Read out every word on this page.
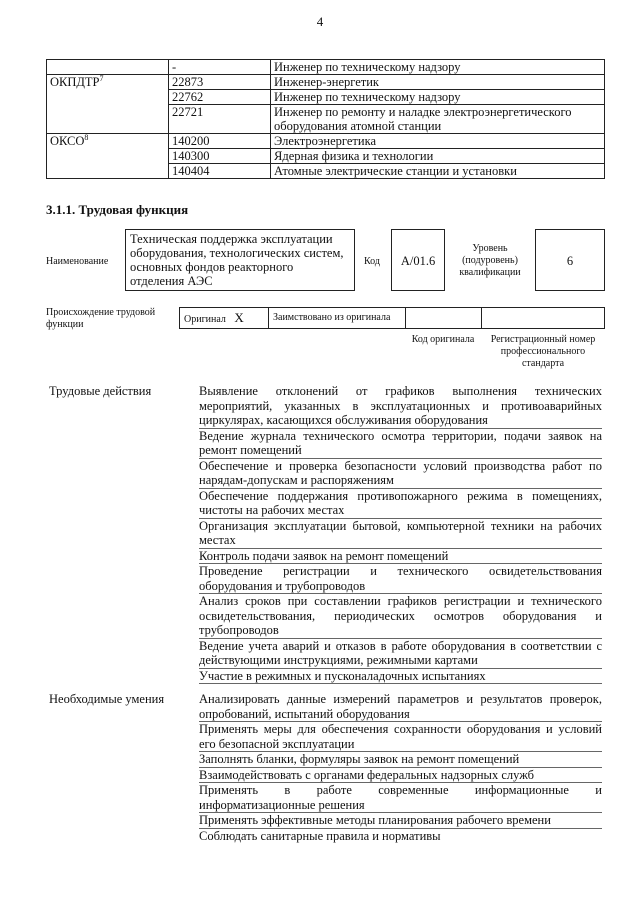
4
	-	Инженер по техническому надзору
ОКПДТР$^7$	22873	Инженер-энергетик
	22762	Инженер по техническому надзору
	22721	Инженер по ремонту и наладке электроэнергетического оборудования атомной станции
ОКСО$^8$	140200	Электроэнергетика
	140300	Ядерная физика и технологии
	140404	Атомные электрические станции и установки
3.1.1. Трудовая функция
Наименование
Техническая поддержка эксплуатации оборудования, технологических систем, основных фондов реакторного отделения АЭС
Код	А/01.6
Уровень (подуровень) квалификации
6
Происхождение трудовой функции	Оригинал X	Заимствовано из оригинала
Код оригинала	Регистрационный номер профессионального стандарта
Трудовые действия	Выявление отклонений от графиков выполнения технических мероприятий, указанных в эксплуатационных и противоаварийных циркулярах, касающихся обслуживания оборудования
Ведение журнала технического осмотра территории, подачи заявок на ремонт помещений
Обеспечение и проверка безопасности условий производства работ по нарядам-допускам и распоряжениям
Обеспечение поддержания противопожарного режима в помещениях, чистоты на рабочих местах
Организация эксплуатации бытовой, компьютерной техники на рабочих местах
Контроль подачи заявок на ремонт помещений
Проведение регистрации и технического освидетельствования оборудования и трубопроводов
Анализ сроков при составлении графиков регистрации и технического освидетельствования, периодических осмотров оборудования и трубопроводов
Ведение учета аварий и отказов в работе оборудования в соответствии с действующими инструкциями, режимными картами
Участие в режимных и пусконаладочных испытаниях
Необходимые умения	Анализировать данные измерений параметров и результатов проверок, опробований, испытаний оборудования
Применять меры для обеспечения сохранности оборудования и условий его безопасной эксплуатации
Заполнять бланки, формуляры заявок на ремонт помещений
Взаимодействовать с органами федеральных надзорных служб
Применять в работе современные информационные и информатизационные решения
Применять эффективные методы планирования рабочего времени
Соблюдать санитарные правила и нормативы
